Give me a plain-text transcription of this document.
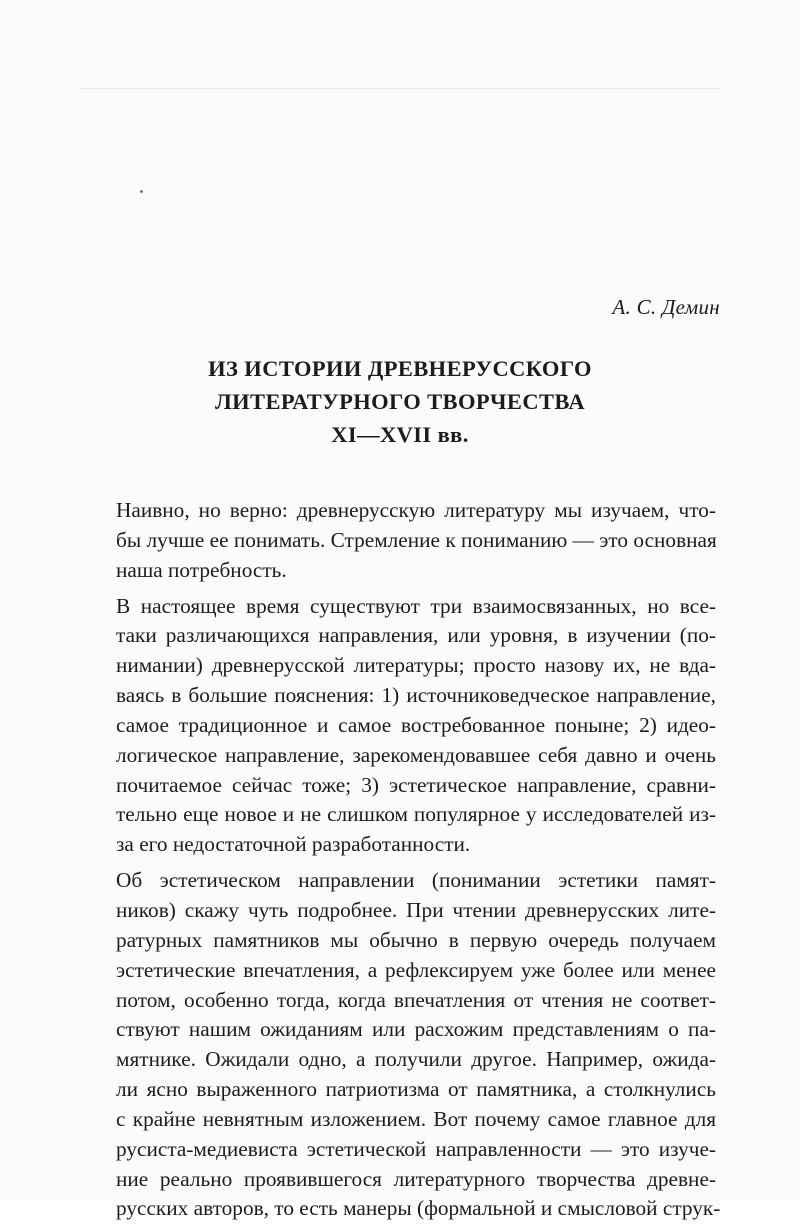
А. С. Демин
ИЗ ИСТОРИИ ДРЕВНЕРУССКОГО
ЛИТЕРАТУРНОГО ТВОРЧЕСТВА
XI—XVII вв.
Наивно, но верно: древнерусскую литературу мы изучаем, что-
бы лучше ее понимать. Стремление к пониманию — это основная
наша потребность.
В настоящее время существуют три взаимосвязанных, но все-
таки различающихся направления, или уровня, в изучении (по-
нимании) древнерусской литературы; просто назову их, не вда-
ваясь в большие пояснения: 1) источниковедческое направление,
самое традиционное и самое востребованное поныне; 2) идео-
логическое направление, зарекомендовавшее себя давно и очень
почитаемое сейчас тоже; 3) эстетическое направление, сравни-
тельно еще новое и не слишком популярное у исследователей из-
за его недостаточной разработанности.
Об эстетическом направлении (понимании эстетики памят-
ников) скажу чуть подробнее. При чтении древнерусских лите-
ратурных памятников мы обычно в первую очередь получаем
эстетические впечатления, а рефлексируем уже более или менее
потом, особенно тогда, когда впечатления от чтения не соответ-
ствуют нашим ожиданиям или расхожим представлениям о па-
мятнике. Ожидали одно, а получили другое. Например, ожида-
ли ясно выраженного патриотизма от памятника, а столкнулись
с крайне невнятным изложением. Вот почему самое главное для
русиста-медиевиста эстетической направленности — это изуче-
ние реально проявившегося литературного творчества древне-
русских авторов, то есть манеры (формальной и смысловой струк-
